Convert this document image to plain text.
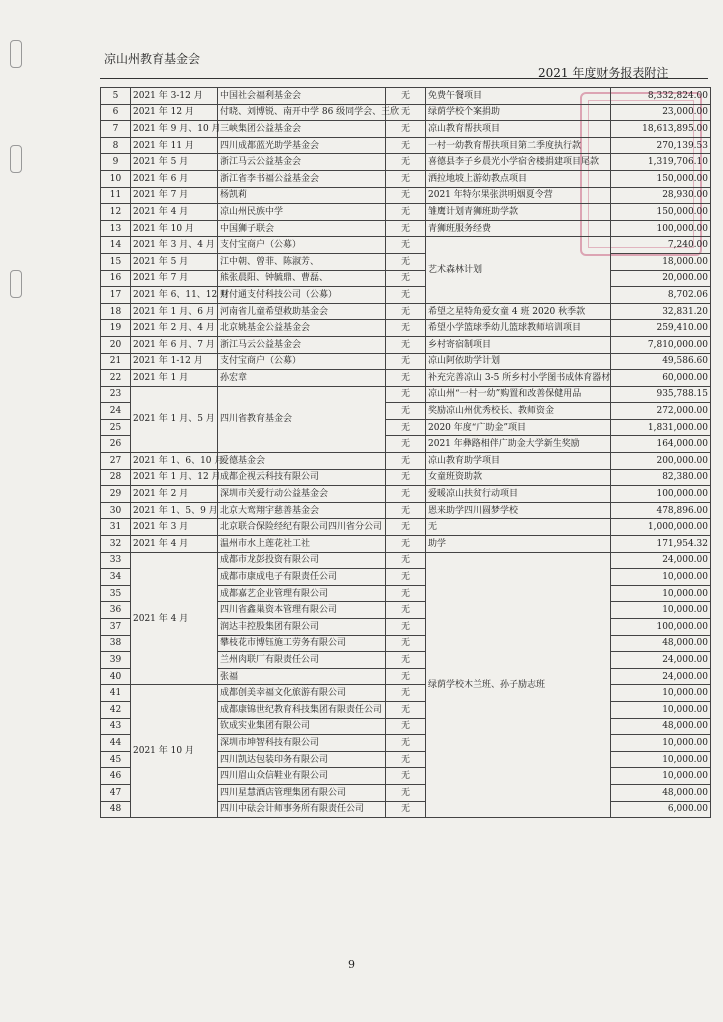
凉山州教育基金会
2021 年度财务报表附注
5	2021 年 3-12 月	中国社会福利基金会	无	免费午餐项目	8,332,824.00
6	2021 年 12 月	付晓、刘博锐、南开中学 86 级同学会、王欣	无	绿荫学校个案捐助	23,000.00
7	2021 年 9 月、10 月	三峡集团公益基金会	无	凉山教育帮扶项目	18,613,895.00
8	2021 年 11 月	四川成都蓝光助学基金会	无	一村一幼教育帮扶项目第二季度执行款	270,139.53
9	2021 年 5 月	浙江马云公益基金会	无	喜德县李子乡晨光小学宿舍楼捐建项目尾款	1,319,706.10
10	2021 年 6 月	浙江省李书福公益基金会	无	洒拉地坡上游幼教点项目	150,000.00
11	2021 年 7 月	杨凯莉	无	2021 年特尔果张洪明烟夏令营	28,930.00
12	2021 年 4 月	凉山州民族中学	无	雏鹰计划青狮班助学款	150,000.00
13	2021 年 10 月	中国狮子联会	无	青狮班服务经费	100,000.00
14	2021 年 3 月、4 月	支付宝商户（公募）	无	艺术森林计划	7,240.00
15	2021 年 5 月	江中朝、曾菲、陈淑芳、	无		18,000.00
16	2021 年 7 月	熊张晨阳、钟毓鼎、曹磊、	无		20,000.00
17	2021 年 6、11、12 月	财付通支付科技公司（公募）	无		8,702.06
18	2021 年 1 月、6 月	河南省儿童希望救助基金会	无	希望之星特角爱女童 4 班 2020 秋季款	32,831.20
19	2021 年 2 月、4 月	北京姚基金公益基金会	无	希望小学篮球季幼儿篮球教师培训项目	259,410.00
20	2021 年 6 月、7 月	浙江马云公益基金会	无	乡村寄宿制项目	7,810,000.00
21	2021 年 1-12 月	支付宝商户（公募）	无	凉山阿依助学计划	49,586.60
22	2021 年 1 月	孙宏章	无	补充完善凉山 3-5 所乡村小学图书成体育器材	60,000.00
23	2021 年 1 月、5 月	四川省教育基金会	无	凉山州“一村一幼”购置和改善保健用品	935,788.15
24			无	奖励凉山州优秀校长、教师资金	272,000.00
25			无	2020 年度“广助金”项目	1,831,000.00
26			无	2021 年彝路相伴广助金大学新生奖励	164,000.00
27	2021 年 1、6、10 月	爱德基金会	无	凉山教育助学项目	200,000.00
28	2021 年 1 月、12 月	成都企视云科技有限公司	无	女童班资助款	82,380.00
29	2021 年 2 月	深圳市关爱行动公益基金会	无	爱暖凉山扶贫行动项目	100,000.00
30	2021 年 1、5、9 月	北京大鸾翔宇慈善基金会	无	恩来助学四川圆梦学校	478,896.00
31	2021 年 3 月	北京联合保险经纪有限公司四川省分公司	无	无	1,000,000.00
32	2021 年 4 月	温州市水上莲花社工社	无	助学	171,954.32
33	2021 年 4 月	成都市龙彭投资有限公司	无	绿荫学校木兰班、孙子励志班	24,000.00
34		成都市康成电子有限责任公司	无		10,000.00
35		成都嘉艺企业管理有限公司	无		10,000.00
36		四川省鑫巢资本管理有限公司	无		10,000.00
37		润达丰控股集团有限公司	无		100,000.00
38		攀枝花市博钰施工劳务有限公司	无		48,000.00
39		兰州肉联厂有限责任公司	无		24,000.00
40		张福	无		24,000.00
41	2021 年 10 月	成都创美幸福文化旅游有限公司	无		10,000.00
42		成都康锦世纪教育科技集团有限责任公司	无		10,000.00
43		钦成实业集团有限公司	无		48,000.00
44		深圳市坤智科技有限公司	无		10,000.00
45		四川凯达包装印务有限公司	无		10,000.00
46		四川眉山众信鞋业有限公司	无		10,000.00
47		四川星慧酒店管理集团有限公司	无		48,000.00
48		四川中砝会计师事务所有限责任公司	无		6,000.00
9
